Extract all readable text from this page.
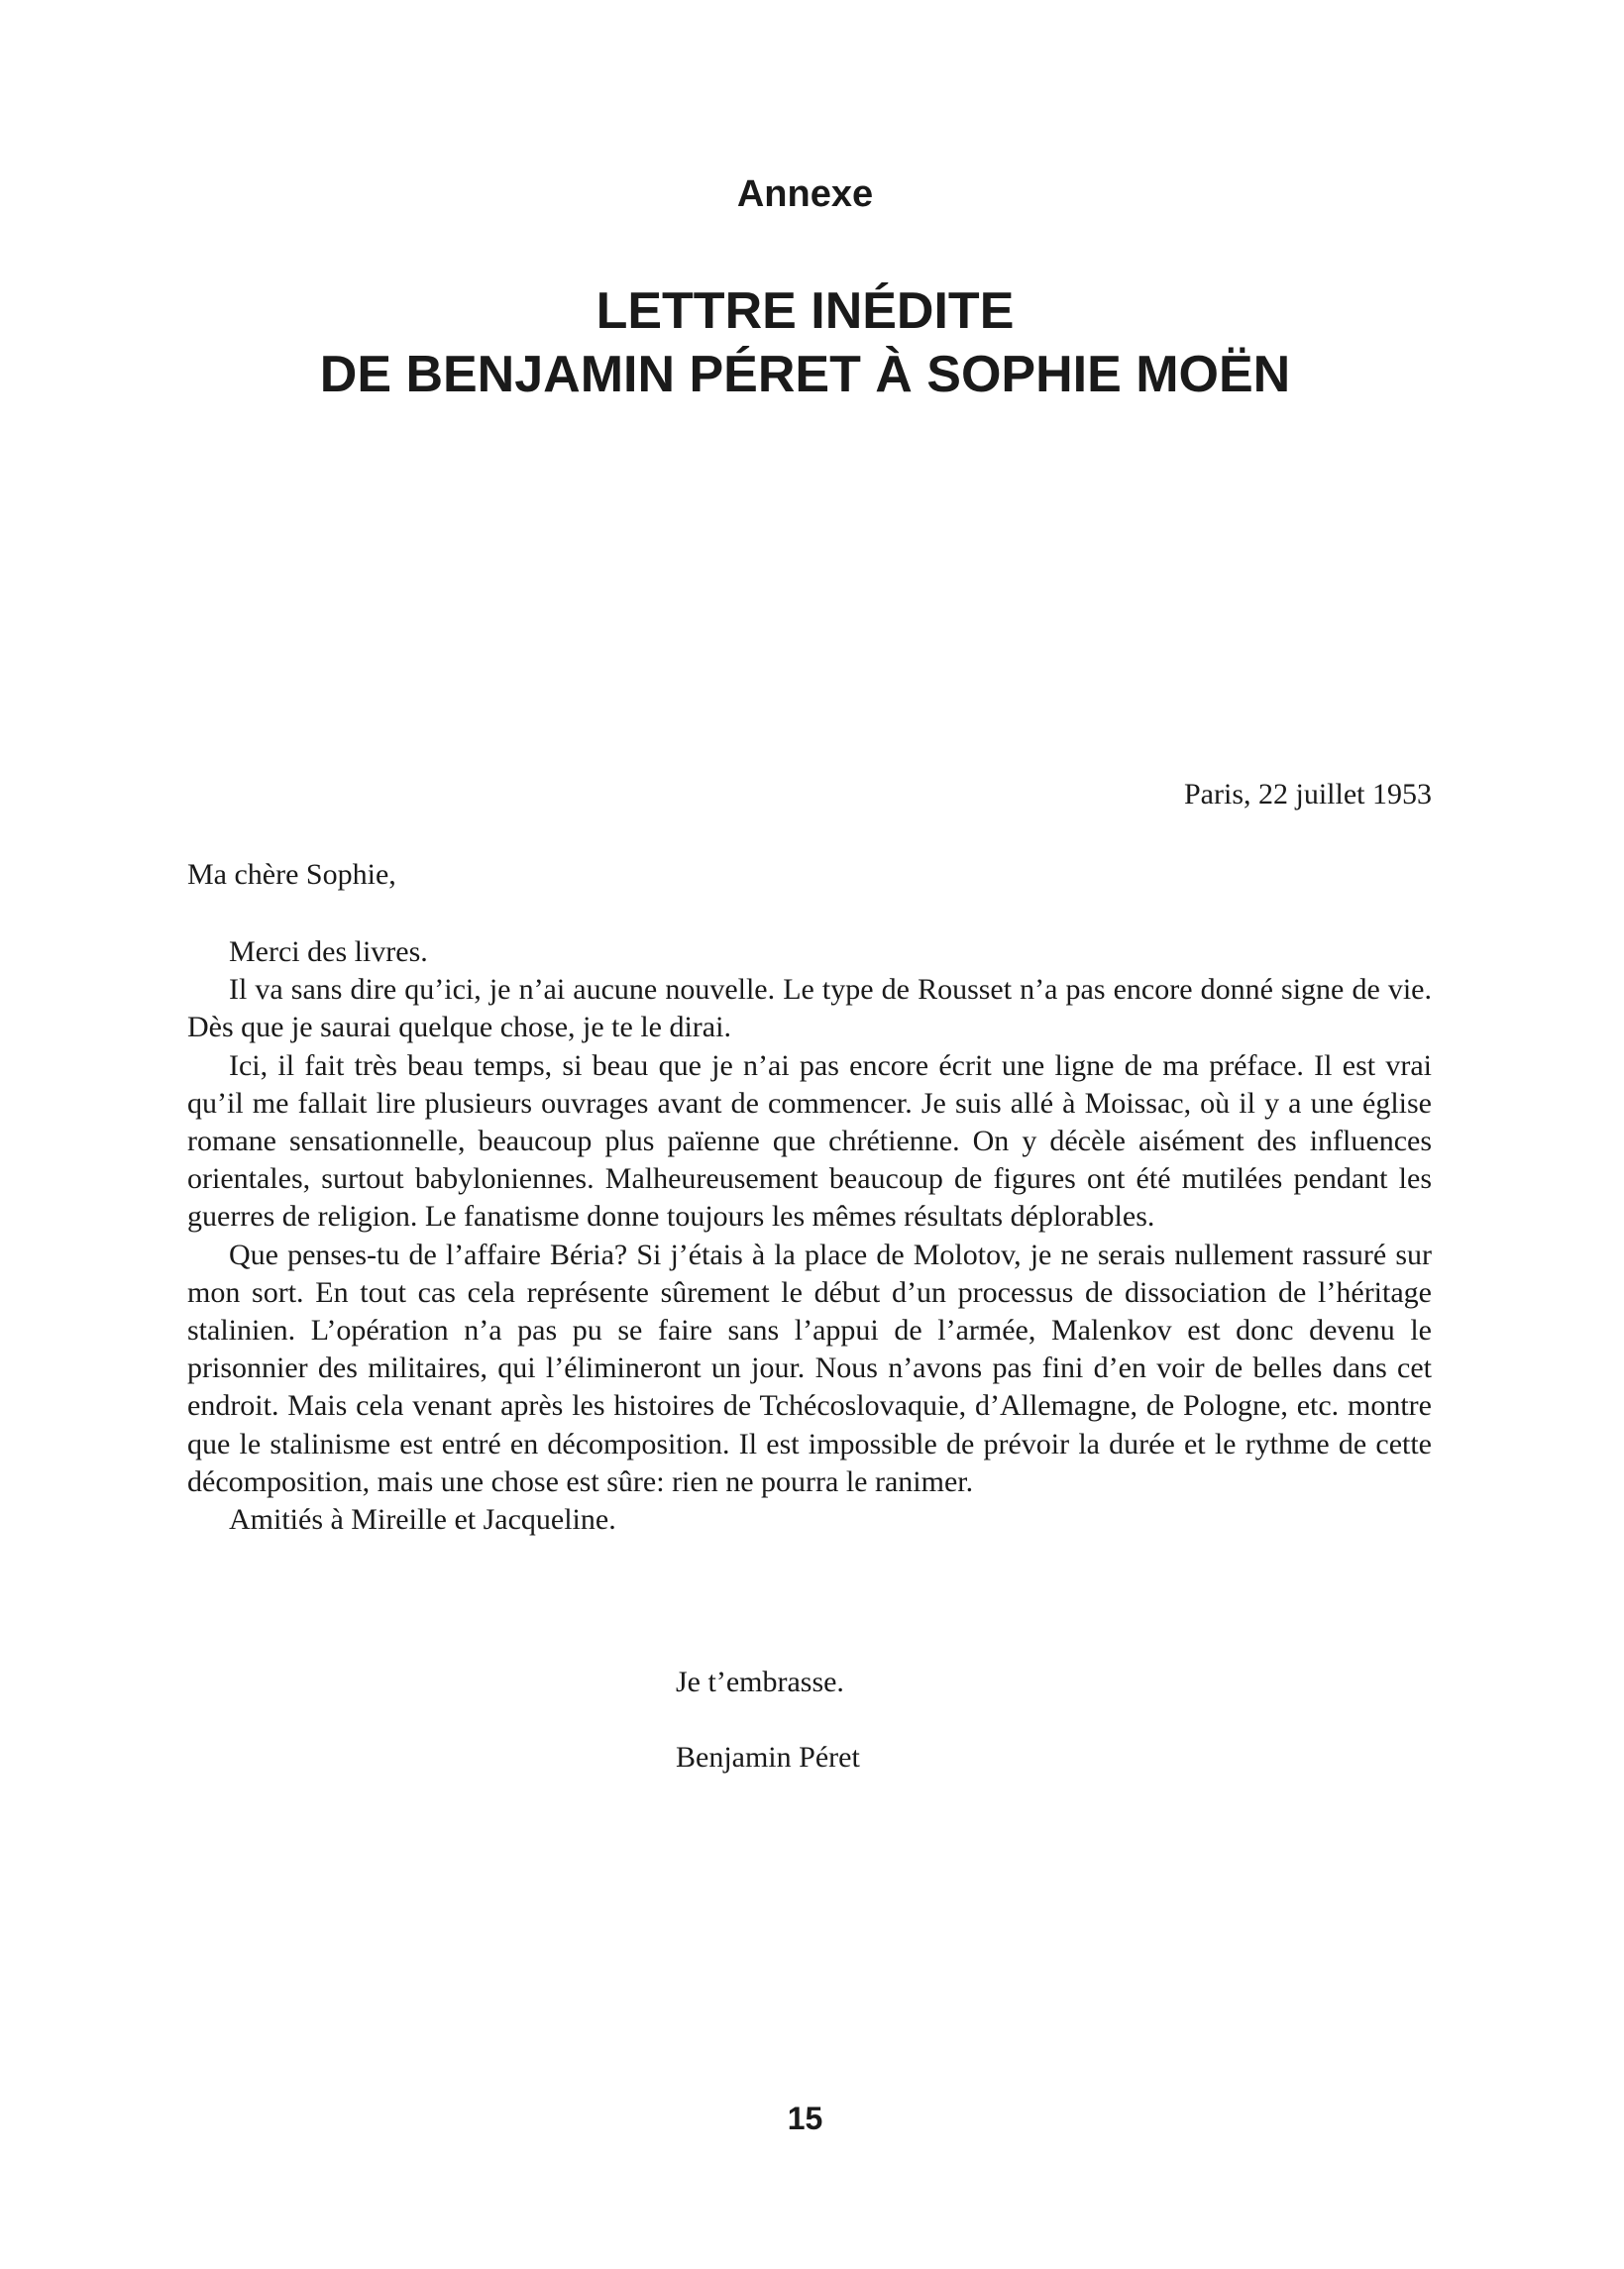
Annexe
LETTRE INÉDITE
DE BENJAMIN PÉRET À SOPHIE MOËN
Paris, 22 juillet 1953
Ma chère Sophie,

Merci des livres.

Il va sans dire qu’ici, je n’ai aucune nouvelle. Le type de Rousset n’a pas encore donné signe de vie. Dès que je saurai quelque chose, je te le dirai.

Ici, il fait très beau temps, si beau que je n’ai pas encore écrit une ligne de ma préface. Il est vrai qu’il me fallait lire plusieurs ouvrages avant de commencer. Je suis allé à Moissac, où il y a une église romane sensationnelle, beaucoup plus païenne que chrétienne. On y décèle aisément des influences orientales, surtout babyloniennes. Malheureusement beaucoup de figures ont été mutilées pendant les guerres de religion. Le fanatisme donne toujours les mêmes résultats déplorables.

Que penses-tu de l’affaire Béria? Si j’étais à la place de Molotov, je ne serais nullement rassuré sur mon sort. En tout cas cela représente sûrement le début d’un processus de dissociation de l’héritage stalinien. L’opération n’a pas pu se faire sans l’appui de l’armée, Malenkov est donc devenu le prisonnier des militaires, qui l’élimineront un jour. Nous n’avons pas fini d’en voir de belles dans cet endroit. Mais cela venant après les histoires de Tchécoslovaquie, d’Allemagne, de Pologne, etc. montre que le stalinisme est entré en décomposition. Il est impossible de prévoir la durée et le rythme de cette décomposition, mais une chose est sûre: rien ne pourra le ranimer.

Amitiés à Mireille et Jacqueline.

Je t’embrasse.
Benjamin Péret
15
